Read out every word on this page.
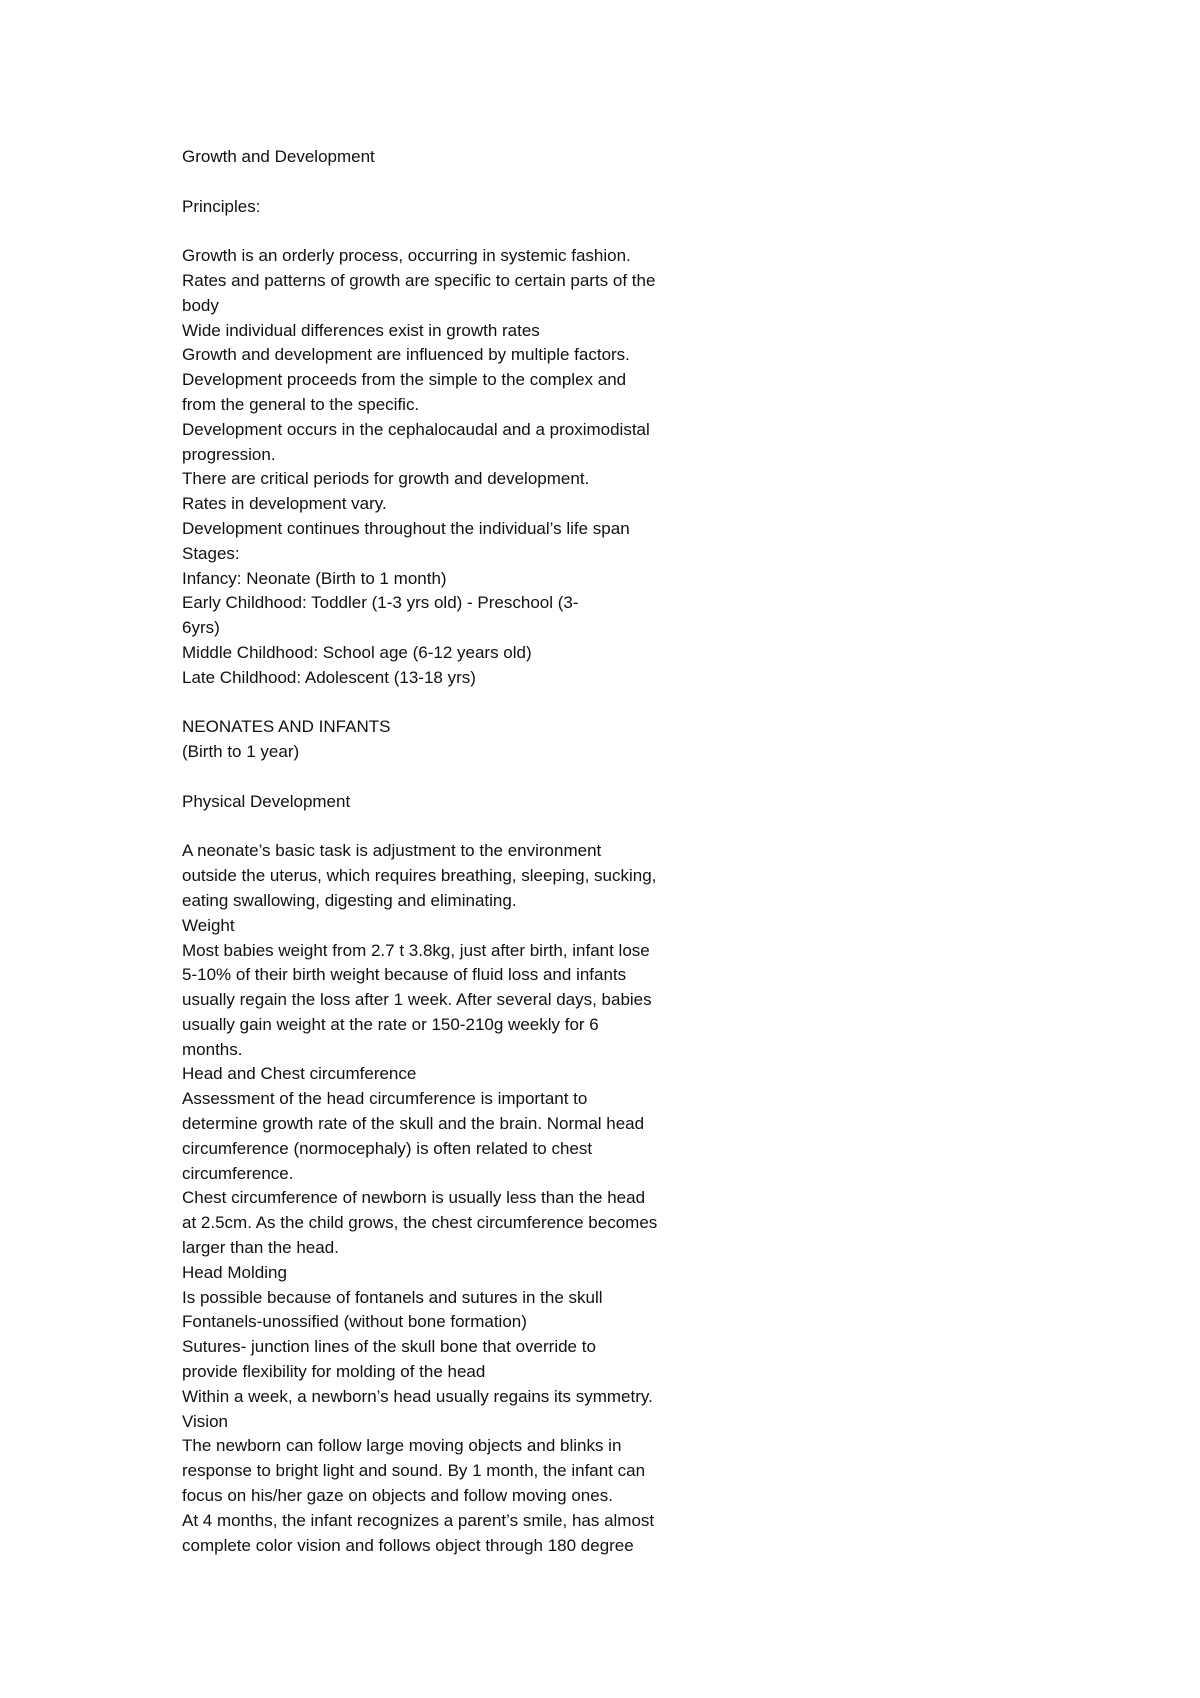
Growth and Development
Principles:
Growth is an orderly process, occurring in systemic fashion.
Rates and patterns of growth are specific to certain parts of the
body
Wide individual differences exist in growth rates
Growth and development are influenced by multiple factors.
Development proceeds from the simple to the complex and
from the general to the specific.
Development occurs in the cephalocaudal and a proximodistal
progression.
There are critical periods for growth and development.
Rates in development vary.
Development continues throughout the individual’s life span
Stages:
Infancy: Neonate (Birth to 1 month)
Early Childhood: Toddler (1-3 yrs old) - Preschool (3-
6yrs)
Middle Childhood: School age (6-12 years old)
Late Childhood: Adolescent (13-18 yrs)
NEONATES AND INFANTS
(Birth to 1 year)
Physical Development
A neonate’s basic task is adjustment to the environment
outside the uterus, which requires breathing, sleeping, sucking,
eating swallowing, digesting and eliminating.
Weight
Most babies weight from 2.7 t 3.8kg, just after birth, infant lose
5-10% of their birth weight because of fluid loss and infants
usually regain the loss after 1 week. After several days, babies
usually gain weight at the rate or 150-210g weekly for 6
months.
Head and Chest circumference
Assessment of the head circumference is important to
determine growth rate of the skull and the brain. Normal head
circumference (normocephaly) is often related to chest
circumference.
Chest circumference of newborn is usually less than the head
at 2.5cm. As the child grows, the chest circumference becomes
larger than the head.
Head Molding
Is possible because of fontanels and sutures in the skull
Fontanels-unossified (without bone formation)
Sutures- junction lines of the skull bone that override to
provide flexibility for molding of the head
Within a week, a newborn’s head usually regains its symmetry.
Vision
The newborn can follow large moving objects and blinks in
response to bright light and sound. By 1 month, the infant can
focus on his/her gaze on objects and follow moving ones.
At 4 months, the infant recognizes a parent’s smile, has almost
complete color vision and follows object through 180 degree
